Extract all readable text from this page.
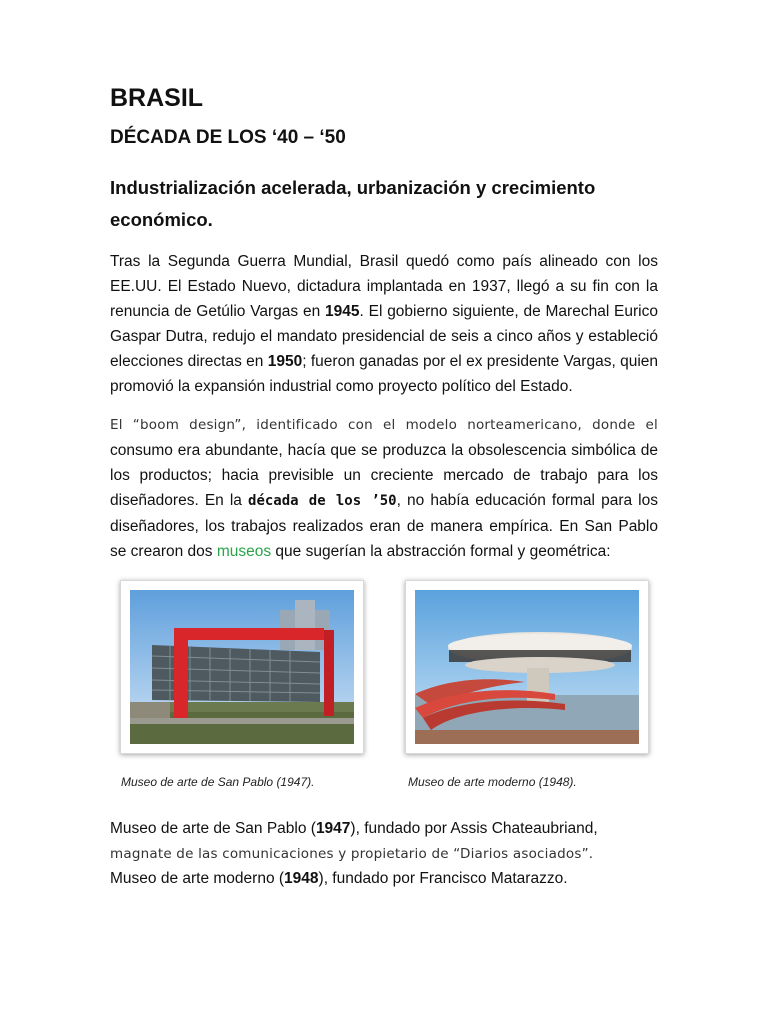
BRASIL
DÉCADA DE LOS ‘40 – ‘50
Industrialización acelerada, urbanización y crecimiento económico.

Tras la Segunda Guerra Mundial, Brasil quedó como país alineado con los EE.UU. El Estado Nuevo, dictadura implantada en 1937, llegó a su fin con la renuncia de Getúlio Vargas en 1945. El gobierno siguiente, de Marechal Eurico Gaspar Dutra, redujo el mandato presidencial de seis a cinco años y estableció elecciones directas en 1950; fueron ganadas por el ex presidente Vargas, quien promovió la expansión industrial como proyecto político del Estado.

El “boom design”, identificado con el modelo norteamericano, donde el consumo era abundante, hacía que se produzca la obsolescencia simbólica de los productos; hacia previsible un creciente mercado de trabajo para los diseñadores. En la década de los ’50, no había educación formal para los diseñadores, los trabajos realizados eran de manera empírica. En San Pablo se crearon dos museos que sugerían la abstracción formal y geométrica:

Museo de arte de San Pablo (1947).	Museo de arte moderno (1948).

Museo de arte de San Pablo (1947), fundado por Assis Chateaubriand,
magnate de las comunicaciones y propietario de “Diarios asociados”.

Museo de arte moderno (1948), fundado por Francisco Matarazzo.
